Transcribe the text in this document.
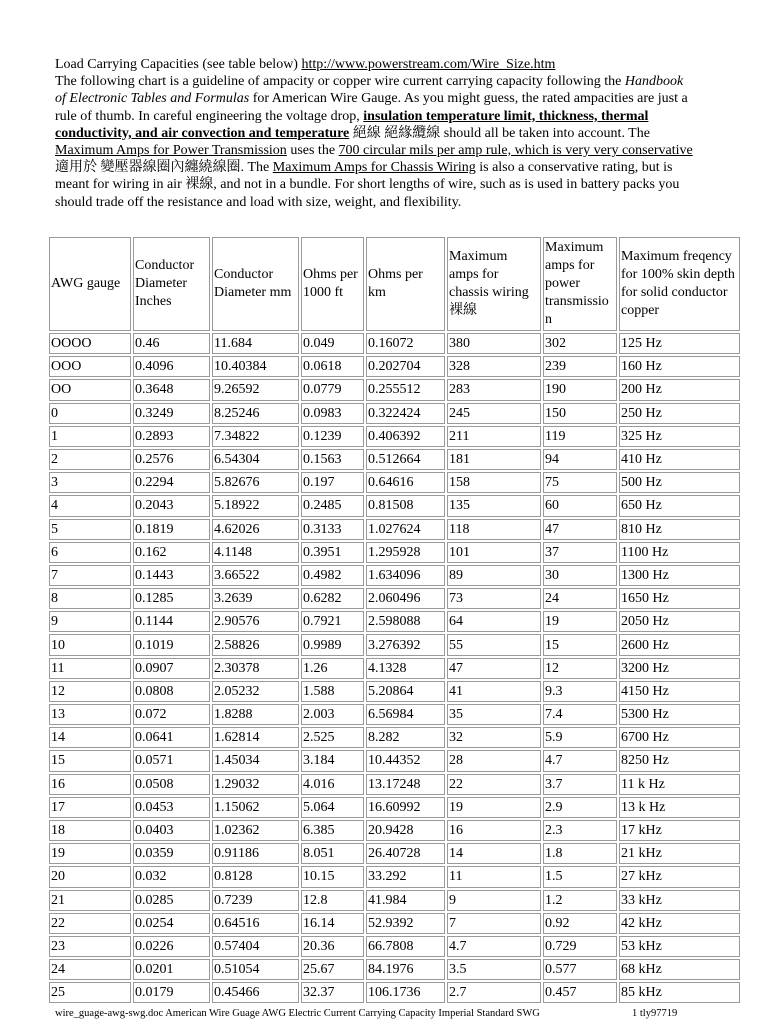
Load Carrying Capacities (see table below) http://www.powerstream.com/Wire_Size.htm

The following chart is a guideline of ampacity or copper wire current carrying capacity following the Handbook of Electronic Tables and Formulas for American Wire Gauge. As you might guess, the rated ampacities are just a rule of thumb. In careful engineering the voltage drop, insulation temperature limit, thickness, thermal conductivity, and air convection and temperature 絕線 絕緣纜線 should all be taken into account. The Maximum Amps for Power Transmission uses the 700 circular mils per amp rule, which is very very conservative 適用於 變壓器線圈內纏繞線圈. The Maximum Amps for Chassis Wiring is also a conservative rating, but is meant for wiring in air 裸線, and not in a bundle. For short lengths of wire, such as is used in battery packs you should trade off the resistance and load with size, weight, and flexibility.

AWG gauge	Conductor Diameter Inches	Conductor Diameter mm	Ohms per 1000 ft	Ohms per km	Maximum amps for chassis wiring 裸線	Maximum amps for power transmissio n	Maximum freqency for 100% skin depth for solid conductor copper
OOOO	0.46	11.684	0.049	0.16072	380	302	125 Hz
OOO	0.4096	10.40384	0.0618	0.202704	328	239	160 Hz
OO	0.3648	9.26592	0.0779	0.255512	283	190	200 Hz
0	0.3249	8.25246	0.0983	0.322424	245	150	250 Hz
1	0.2893	7.34822	0.1239	0.406392	211	119	325 Hz
2	0.2576	6.54304	0.1563	0.512664	181	94	410 Hz
3	0.2294	5.82676	0.197	0.64616	158	75	500 Hz
4	0.2043	5.18922	0.2485	0.81508	135	60	650 Hz
5	0.1819	4.62026	0.3133	1.027624	118	47	810 Hz
6	0.162	4.1148	0.3951	1.295928	101	37	1100 Hz
7	0.1443	3.66522	0.4982	1.634096	89	30	1300 Hz
8	0.1285	3.2639	0.6282	2.060496	73	24	1650 Hz
9	0.1144	2.90576	0.7921	2.598088	64	19	2050 Hz
10	0.1019	2.58826	0.9989	3.276392	55	15	2600 Hz
11	0.0907	2.30378	1.26	4.1328	47	12	3200 Hz
12	0.0808	2.05232	1.588	5.20864	41	9.3	4150 Hz
13	0.072	1.8288	2.003	6.56984	35	7.4	5300 Hz
14	0.0641	1.62814	2.525	8.282	32	5.9	6700 Hz
15	0.0571	1.45034	3.184	10.44352	28	4.7	8250 Hz
16	0.0508	1.29032	4.016	13.17248	22	3.7	11 k Hz
17	0.0453	1.15062	5.064	16.60992	19	2.9	13 k Hz
18	0.0403	1.02362	6.385	20.9428	16	2.3	17 kHz
19	0.0359	0.91186	8.051	26.40728	14	1.8	21 kHz
20	0.032	0.8128	10.15	33.292	11	1.5	27 kHz
21	0.0285	0.7239	12.8	41.984	9	1.2	33 kHz
22	0.0254	0.64516	16.14	52.9392	7	0.92	42 kHz
23	0.0226	0.57404	20.36	66.7808	4.7	0.729	53 kHz
24	0.0201	0.51054	25.67	84.1976	3.5	0.577	68 kHz
25	0.0179	0.45466	32.37	106.1736	2.7	0.457	85 kHz
wire_guage-awg-swg.doc American Wire Guage AWG Electric Current Carrying Capacity Imperial Standard SWG	1 tly97719
